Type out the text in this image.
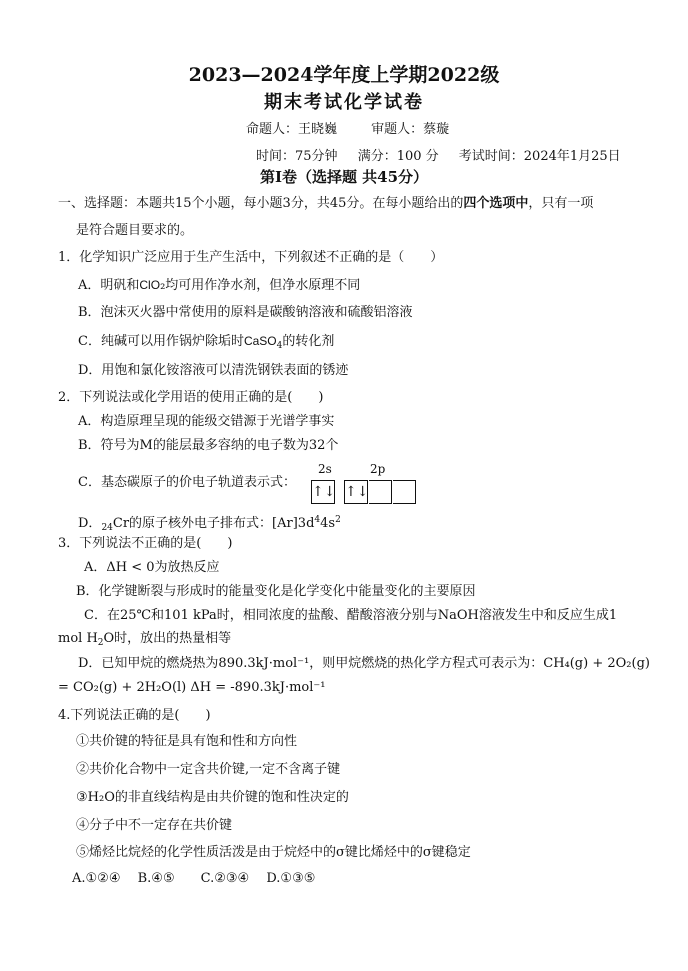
2023—2024学年度上学期2022级
期末考试化学试卷
命题人：王晓巍	审题人：蔡璇
时间：75分钟 满分：100 分 考试时间：2024年1月25日
第Ⅰ卷（选择题 共45分）
一、选择题：本题共15个小题，每小题3分，共45分。在每小题给出的四个选项中，只有一项
是符合题目要求的。
1．化学知识广泛应用于生产生活中，下列叙述不正确的是（　　）
A．明矾和ClO₂均可用作净水剂，但净水原理不同
B．泡沫灭火器中常使用的原料是碳酸钠溶液和硫酸铝溶液
C．纯碱可以用作锅炉除垢时CaSO$_4$的转化剂
D．用饱和氯化铵溶液可以清洗钢铁表面的锈迹
2．下列说法或化学用语的使用正确的是(　　)
A．构造原理呈现的能级交错源于光谱学事实
B．符号为M的能层最多容纳的电子数为32个
2s	2p
C．基态碳原子的价电子轨道表示式：
↑↓ ↑↓
D．$_{24}$Cr的原子核外电子排布式：$[Ar]3d^44s^2$
3．下列说法不正确的是(　　)
A．ΔH < 0为放热反应
B．化学键断裂与形成时的能量变化是化学变化中能量变化的主要原因
C．在25℃和101 kPa时，相同浓度的盐酸、醋酸溶液分别与NaOH溶液发生中和反应生成1
mol $H_2O$时，放出的热量相等
D．已知甲烷的燃烧热为890.3kJ·mol⁻¹，则甲烷燃烧的热化学方程式可表示为：CH₄(g) + 2O₂(g)
= CO₂(g) + 2H₂O(l) ΔH = -890.3kJ·mol⁻¹
4.下列说法正确的是(　　)
①共价键的特征是具有饱和性和方向性
②共价化合物中一定含共价键,一定不含离子键
③H₂O的非直线结构是由共价键的饱和性决定的
④分子中不一定存在共价键
⑤烯烃比烷烃的化学性质活泼是由于烷烃中的σ键比烯烃中的σ键稳定
A.①②④　 B.④⑤　　C.②③④　 D.①③⑤
